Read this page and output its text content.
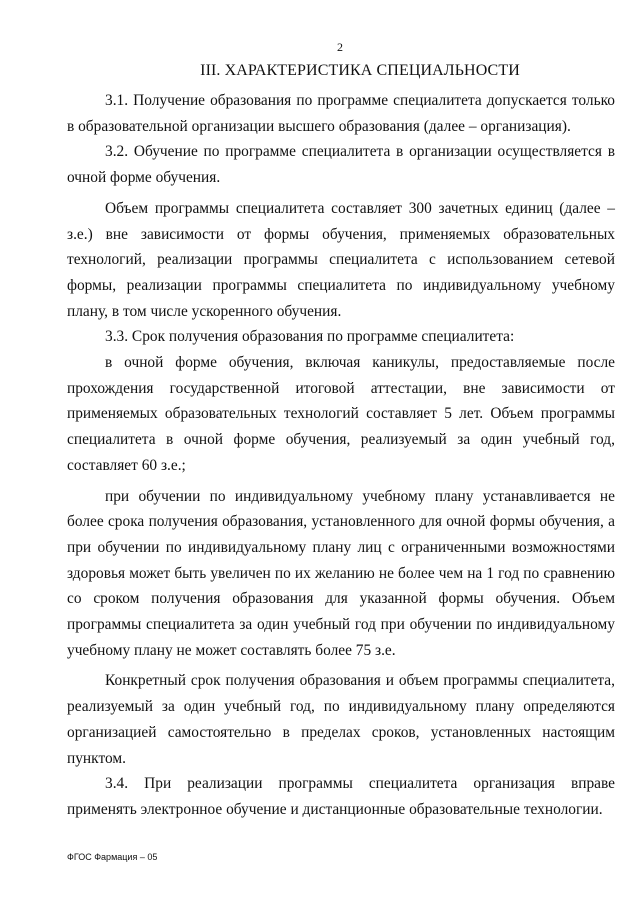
2
III. ХАРАКТЕРИСТИКА СПЕЦИАЛЬНОСТИ

3.1. Получение образования по программе специалитета допускается только в образовательной организации высшего образования (далее – организация).

3.2. Обучение по программе специалитета в организации осуществляется в очной форме обучения.

Объем программы специалитета составляет 300 зачетных единиц (далее – з.е.) вне зависимости от формы обучения, применяемых образовательных технологий, реализации программы специалитета с использованием сетевой формы, реализации программы специалитета по индивидуальному учебному плану, в том числе ускоренного обучения.

3.3. Срок получения образования по программе специалитета:

в очной форме обучения, включая каникулы, предоставляемые после прохождения государственной итоговой аттестации, вне зависимости от применяемых образовательных технологий составляет 5 лет. Объем программы специалитета в очной форме обучения, реализуемый за один учебный год, составляет 60 з.е.;

при обучении по индивидуальному учебному плану устанавливается не более срока получения образования, установленного для очной формы обучения, а при обучении по индивидуальному плану лиц с ограниченными возможностями здоровья может быть увеличен по их желанию не более чем на 1 год по сравнению со сроком получения образования для указанной формы обучения. Объем программы специалитета за один учебный год при обучении по индивидуальному учебному плану не может составлять более 75 з.е.

Конкретный срок получения образования и объем программы специалитета, реализуемый за один учебный год, по индивидуальному плану определяются организацией самостоятельно в пределах сроков, установленных настоящим пунктом.

3.4. При реализации программы специалитета организация вправе применять электронное обучение и дистанционные образовательные технологии.

ФГОС Фармация – 05
